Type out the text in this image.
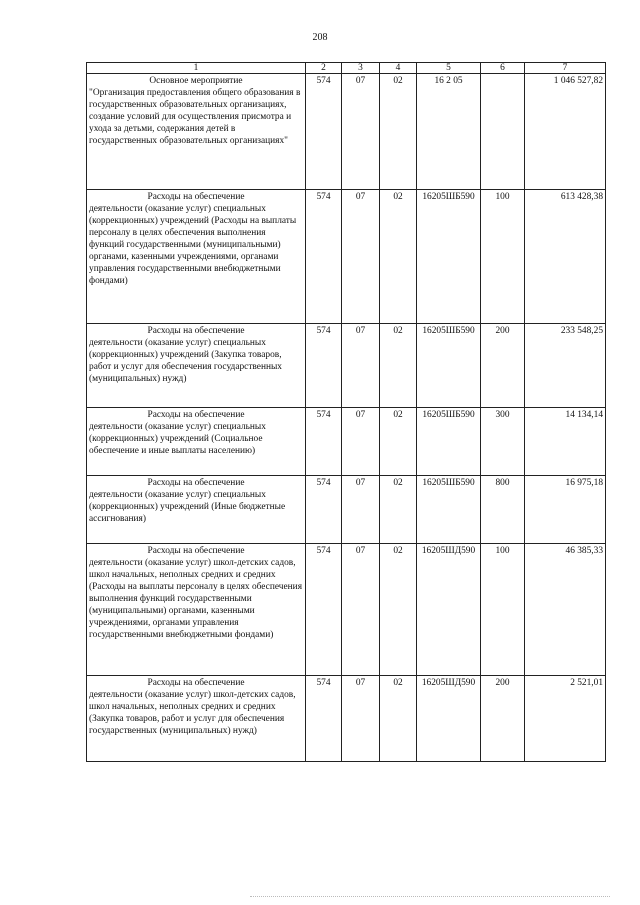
208
1	2	3	4	5	6	7

Основное мероприятие
"Организация предоставления общего образования в государственных образовательных организациях, создание условий для осуществления присмотра и ухода за детьми, содержания детей в государственных образовательных организациях"	574	07	02	16 2 05		1 046 527,82

Расходы на обеспечение
деятельности (оказание услуг) специальных (коррекционных) учреждений (Расходы на выплаты персоналу в целях обеспечения выполнения функций государственными (муниципальными) органами, казенными учреждениями, органами управления государственными внебюджетными фондами)	574	07	02	16205ШБ590	100	613 428,38

Расходы на обеспечение
деятельности (оказание услуг) специальных (коррекционных) учреждений (Закупка товаров, работ и услуг для обеспечения государственных (муниципальных) нужд)	574	07	02	16205ШБ590	200	233 548,25

Расходы на обеспечение
деятельности (оказание услуг) специальных (коррекционных) учреждений (Социальное обеспечение и иные выплаты населению)	574	07	02	16205ШБ590	300	14 134,14

Расходы на обеспечение
деятельности (оказание услуг) специальных (коррекционных) учреждений (Иные бюджетные ассигнования)	574	07	02	16205ШБ590	800	16 975,18

Расходы на обеспечение
деятельности (оказание услуг) школ-детских садов, школ начальных, неполных средних и средних (Расходы на выплаты персоналу в целях обеспечения выполнения функций государственными (муниципальными) органами, казенными учреждениями, органами управления государственными внебюджетными фондами)	574	07	02	16205ШД590	100	46 385,33

Расходы на обеспечение
деятельности (оказание услуг) школ-детских садов, школ начальных, неполных средних и средних (Закупка товаров, работ и услуг для обеспечения государственных (муниципальных) нужд)	574	07	02	16205ШД590	200	2 521,01
